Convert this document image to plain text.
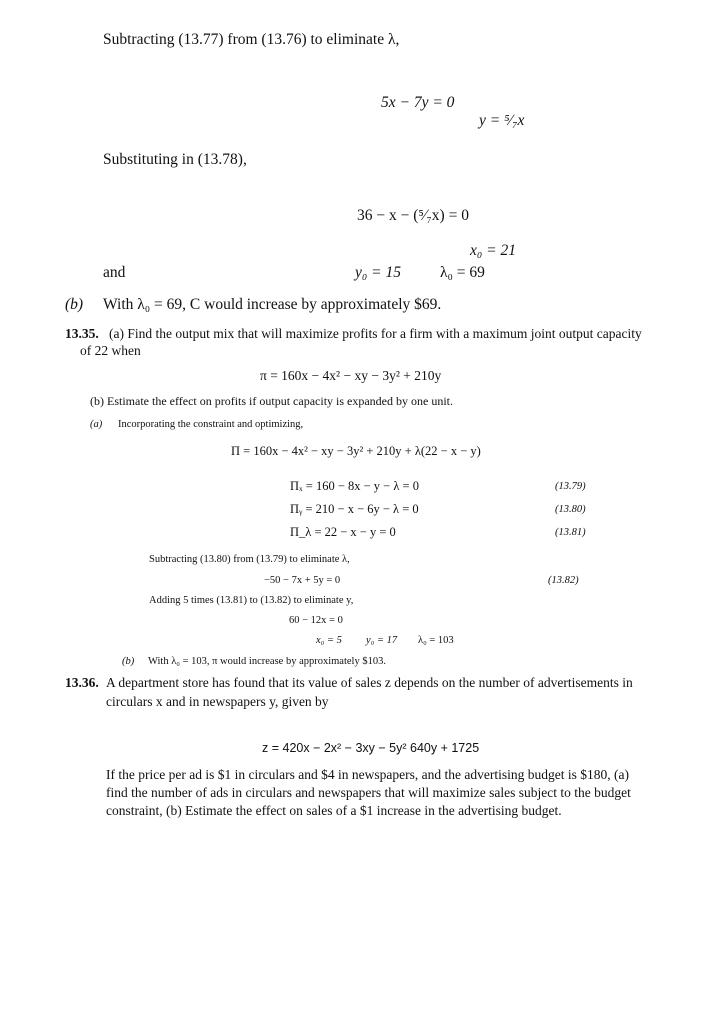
Subtracting (13.77) from (13.76) to eliminate λ,
5x − 7y = 0
y = ⁵⁄₇x
Substituting in (13.78),
36 − x − (⁵⁄₇x) = 0
x₀ = 21
and	y₀ = 15	λ₀ = 69
(b) With λ₀ = 69, C would increase by approximately $69.
13.35. (a) Find the output mix that will maximize profits for a firm with a maximum joint output capacity
of 22 when
π = 160x − 4x² − xy − 3y² + 210y
(b) Estimate the effect on profits if output capacity is expanded by one unit.
(a) Incorporating the constraint and optimizing,
Π = 160x − 4x² − xy − 3y² + 210y + λ(22 − x − y)
Πₓ = 160 − 8x − y − λ = 0	(13.79)
Πᵧ = 210 − x − 6y − λ = 0	(13.80)
Π_λ = 22 − x − y = 0	(13.81)
Subtracting (13.80) from (13.79) to eliminate λ,
−50 − 7x + 5y = 0	(13.82)
Adding 5 times (13.81) to (13.82) to eliminate y,
60 − 12x = 0
x₀ = 5 y₀ = 17 λ₀ = 103
(b) With λ₀ = 103, π would increase by approximately $103.
13.36. A department store has found that its value of sales z depends on the number of advertisements in
circulars x and in newspapers y, given by
z = 420x − 2x² − 3xy − 5y² 640y + 1725
If the price per ad is $1 in circulars and $4 in newspapers, and the advertising budget is $180, (a)
find the number of ads in circulars and newspapers that will maximize sales subject to the budget
constraint, (b) Estimate the effect on sales of a $1 increase in the advertising budget.
